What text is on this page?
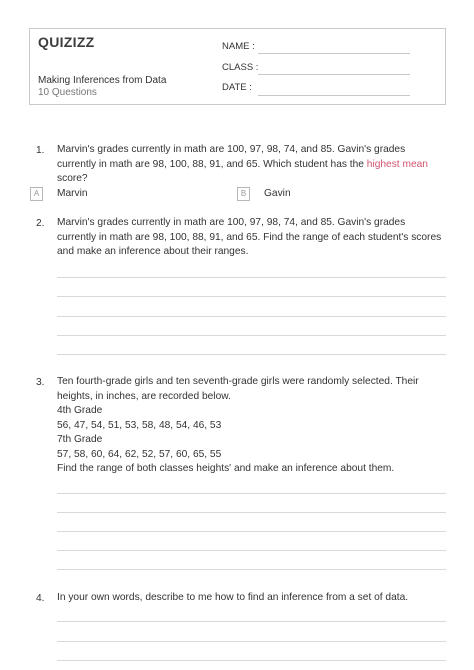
QUIZIZZ
Making Inferences from Data
10 Questions
NAME :
CLASS :
DATE :
1. Marvin's grades currently in math are 100, 97, 98, 74, and 85. Gavin's grades currently in math are 98, 100, 88, 91, and 65. Which student has the highest mean score?
A	Marvin	B	Gavin
2. Marvin's grades currently in math are 100, 97, 98, 74, and 85. Gavin's grades currently in math are 98, 100, 88, 91, and 65. Find the range of each student's scores and make an inference about their ranges.
3. Ten fourth-grade girls and ten seventh-grade girls were randomly selected. Their heights, in inches, are recorded below.
4th Grade
56, 47, 54, 51, 53, 58, 48, 54, 46, 53
7th Grade
57, 58, 60, 64, 62, 52, 57, 60, 65, 55
Find the range of both classes heights' and make an inference about them.
4. In your own words, describe to me how to find an inference from a set of data.
